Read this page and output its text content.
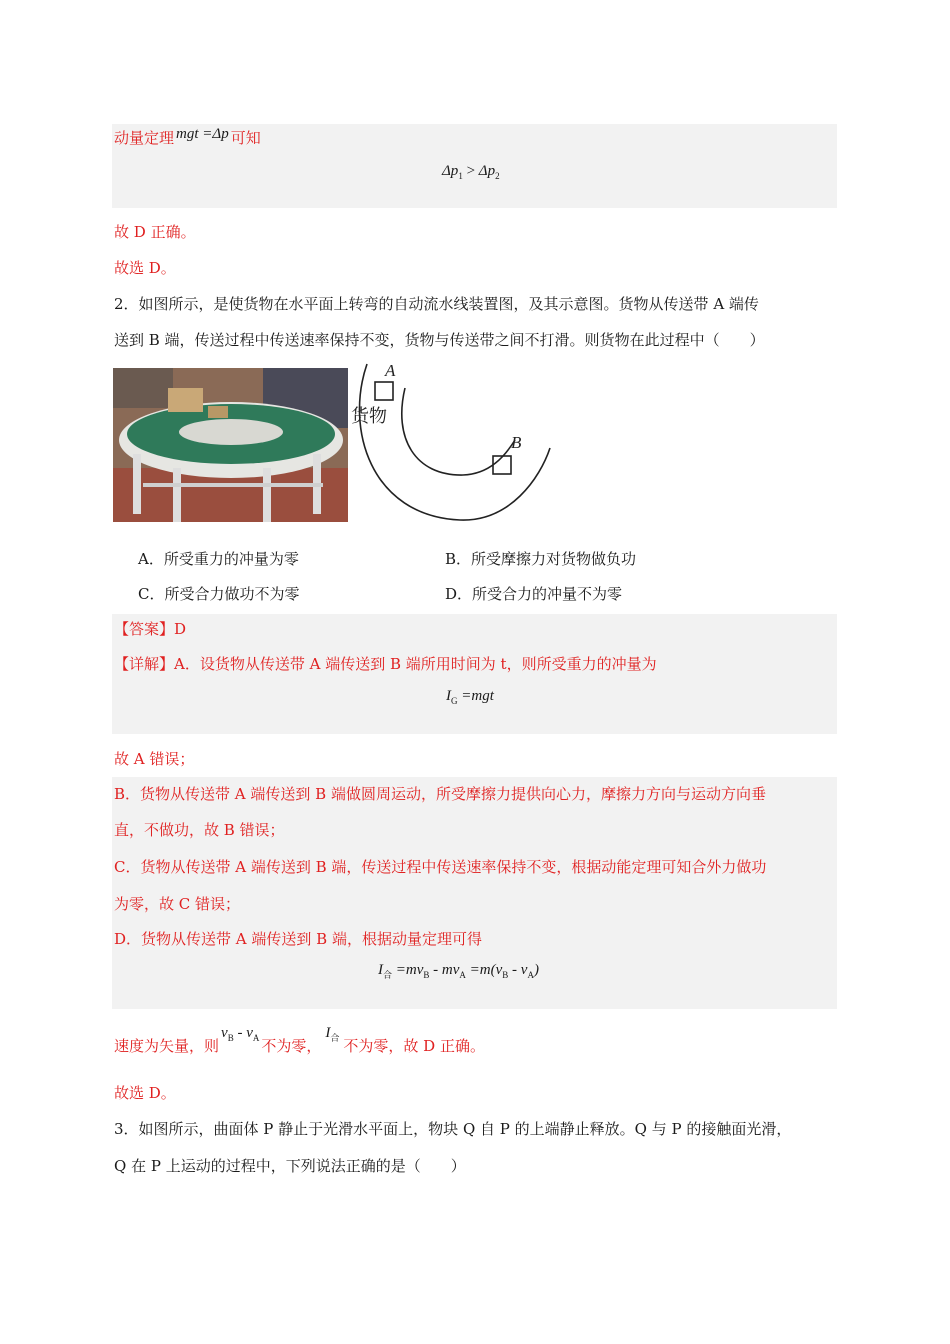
动量定理 mgt =Δp 可知
$\Delta p_1 > \Delta p_2$
故 D 正确。
故选 D。
2．如图所示，是使货物在水平面上转弯的自动流水线装置图，及其示意图。货物从传送带 A 端传
送到 B 端，传送过程中传送速率保持不变，货物与传送带之间不打滑。则货物在此过程中（　　）
A
B
货物
A．所受重力的冲量为零	B．所受摩擦力对货物做负功
C．所受合力做功不为零	D．所受合力的冲量不为零
【答案】D
【详解】A．设货物从传送带 A 端传送到 B 端所用时间为 t，则所受重力的冲量为
$I_G =mgt$
故 A 错误；
B．货物从传送带 A 端传送到 B 端做圆周运动，所受摩擦力提供向心力，摩擦力方向与运动方向垂
直，不做功，故 B 错误；
C．货物从传送带 A 端传送到 B 端，传送过程中传送速率保持不变，根据动能定理可知合外力做功
为零，故 C 错误；
D．货物从传送带 A 端传送到 B 端，根据动量定理可得
$I_合 =mv_B - mv_A =m(v_B - v_A)$
速度为矢量，则$v_B - v_A$ 不为零，$I_合$ 不为零，故 D 正确。
故选 D。
3．如图所示，曲面体 P 静止于光滑水平面上，物块 Q 自 P 的上端静止释放。Q 与 P 的接触面光滑，
Q 在 P 上运动的过程中，下列说法正确的是（　　）
